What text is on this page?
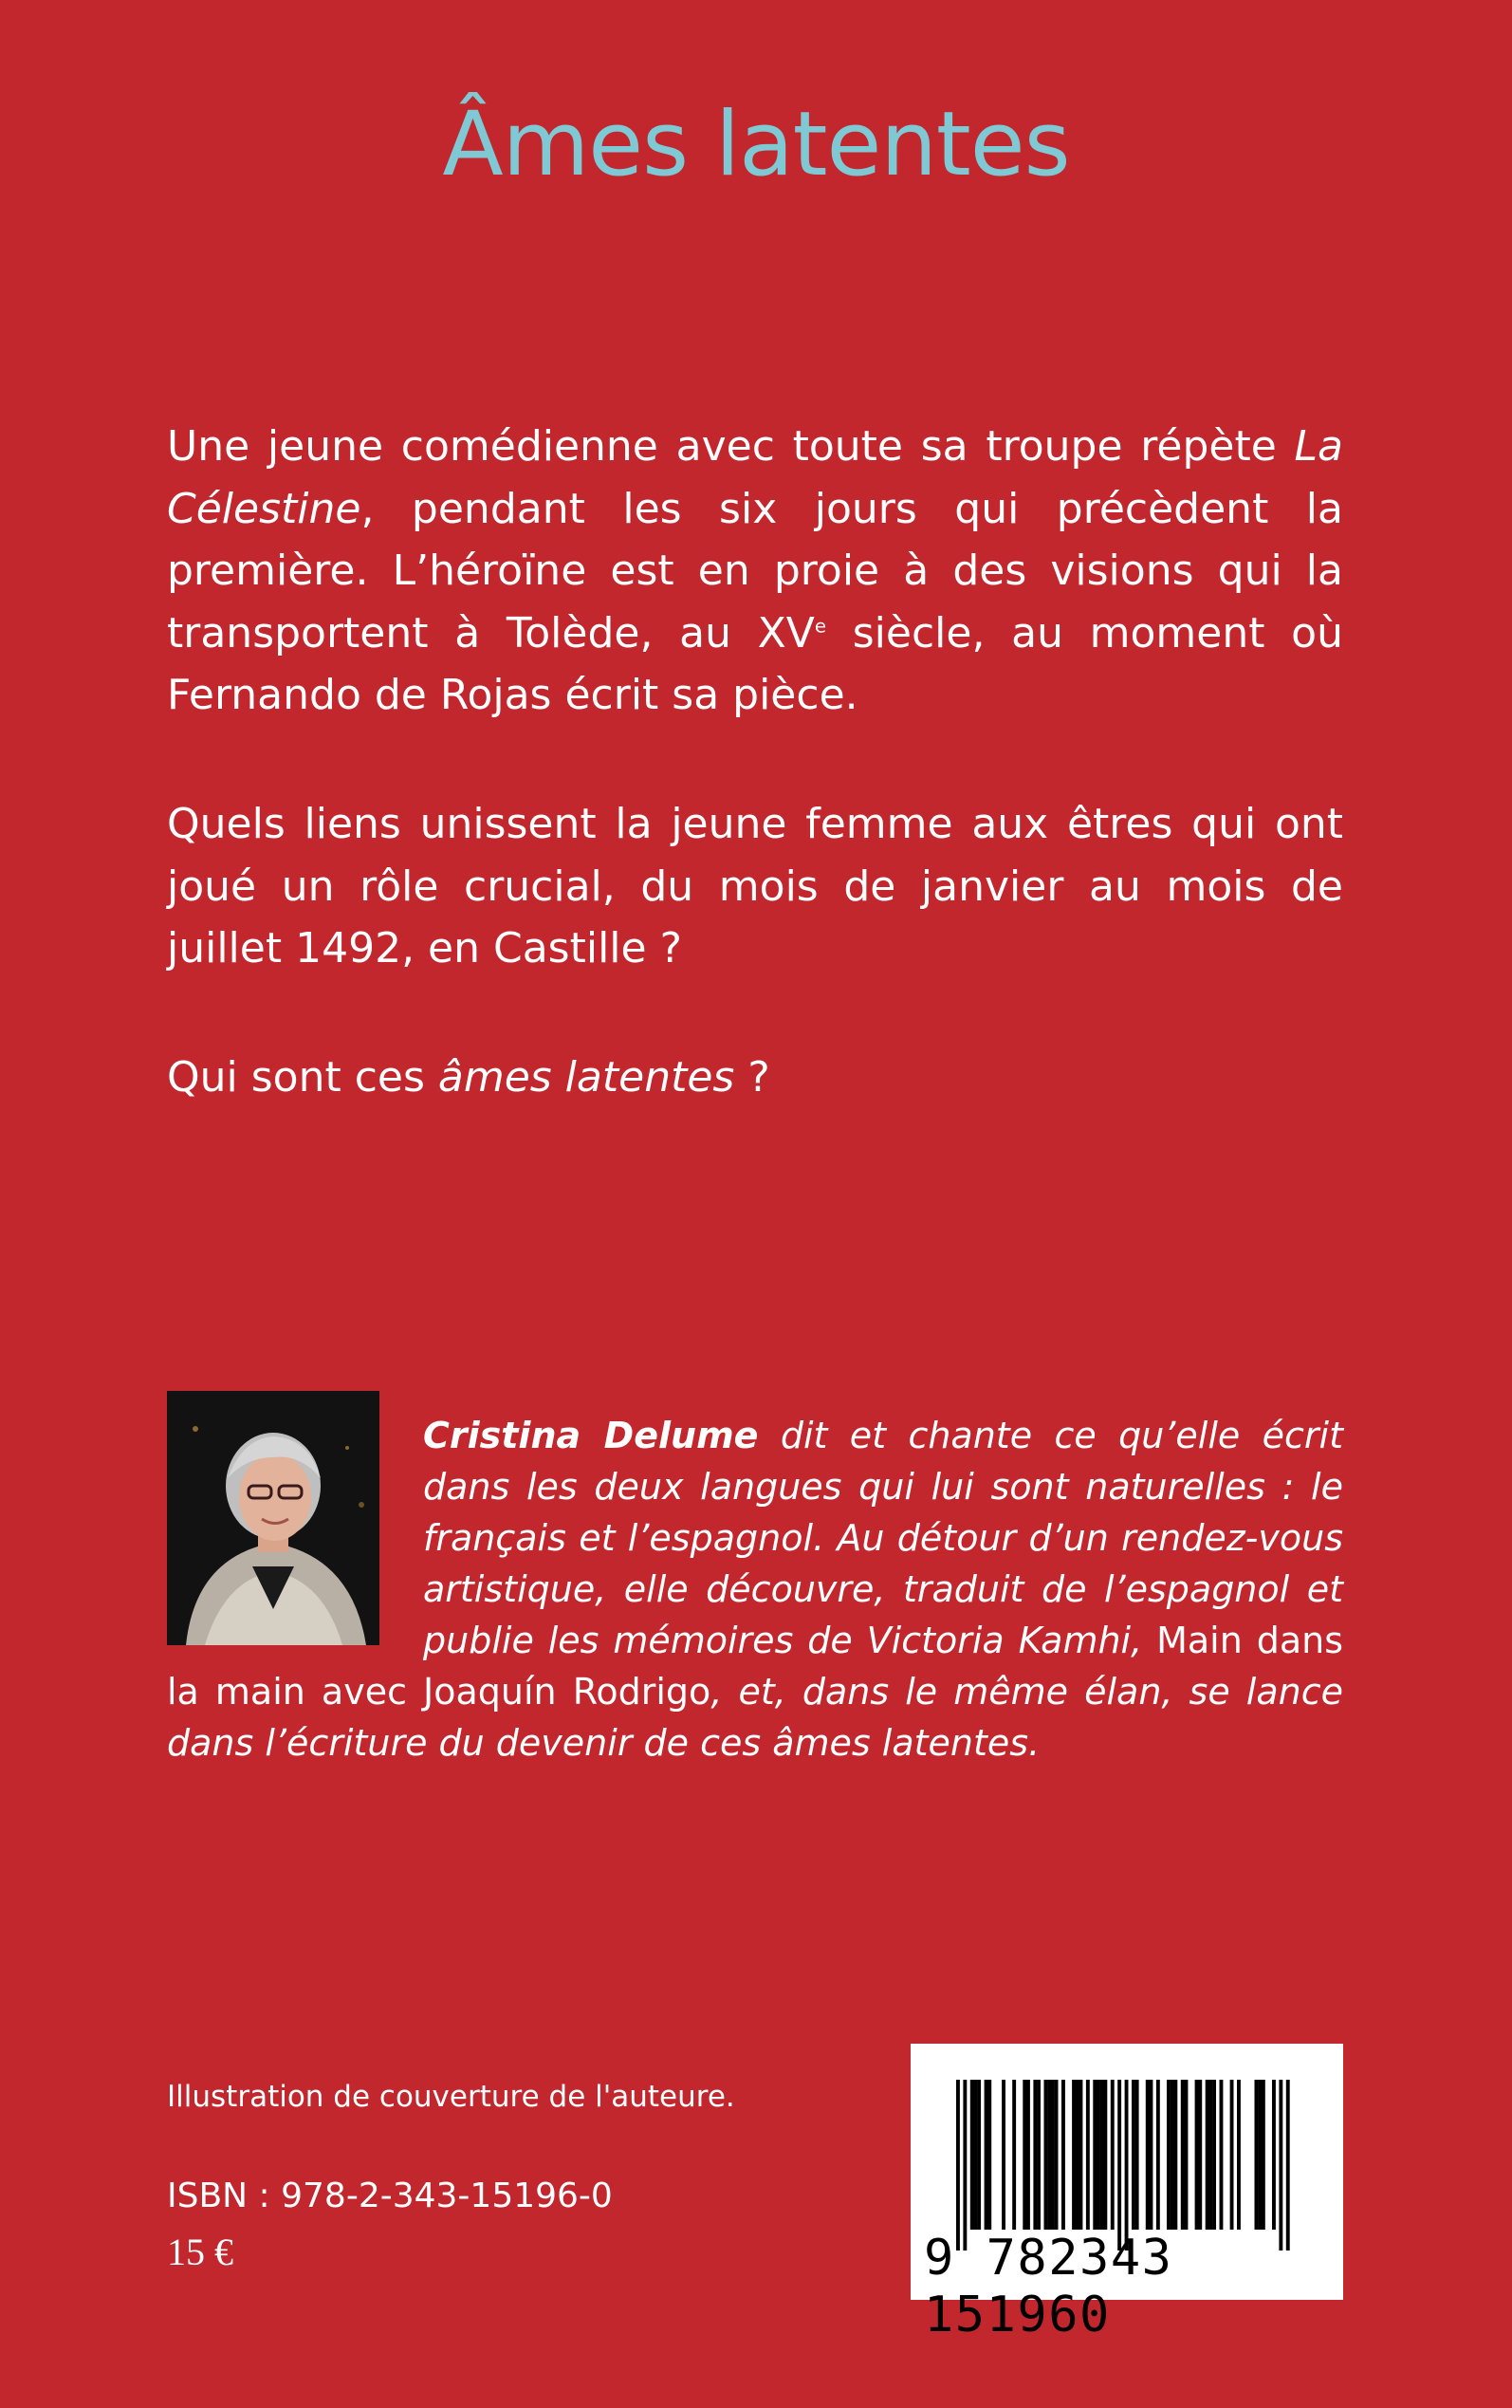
Âmes latentes

Une jeune comédienne avec toute sa troupe répète La Célestine, pendant les six jours qui précèdent la première. L’héroïne est en proie à des visions qui la transportent à Tolède, au XVe siècle, au moment où Fernando de Rojas écrit sa pièce.

Quels liens unissent la jeune femme aux êtres qui ont joué un rôle crucial, du mois de janvier au mois de juillet 1492, en Castille ?

Qui sont ces âmes latentes ?

Cristina Delume dit et chante ce qu’elle écrit dans les deux langues qui lui sont naturelles : le français et l’espagnol. Au détour d’un rendez-vous artistique, elle découvre, traduit de l’espagnol et publie les mémoires de Victoria Kamhi, Main dans la main avec Joaquín Rodrigo, et, dans le même élan, se lance dans l’écriture du devenir de ces âmes latentes.

Illustration de couverture de l'auteure.
ISBN : 978-2-343-15196-0
15 €	9 782343 151960
